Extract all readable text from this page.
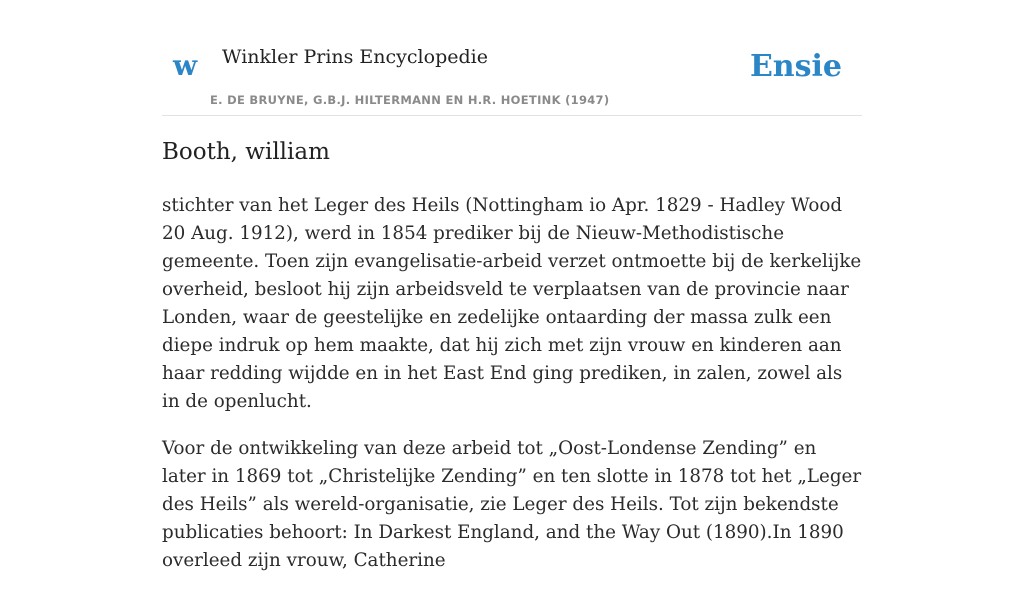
w Winkler Prins Encyclopedie
E. DE BRUYNE, G.B.J. HILTERMANN EN H.R. HOETINK (1947)
Ensie
Booth, william

stichter van het Leger des Heils (Nottingham io Apr. 1829 - Hadley Wood 20 Aug. 1912), werd in 1854 prediker bij de Nieuw-Methodistische gemeente. Toen zijn evangelisatie-arbeid verzet ontmoette bij de kerkelijke overheid, besloot hij zijn arbeidsveld te verplaatsen van de provincie naar Londen, waar de geestelijke en zedelijke ontaarding der massa zulk een diepe indruk op hem maakte, dat hij zich met zijn vrouw en kinderen aan haar redding wijdde en in het East End ging prediken, in zalen, zowel als in de openlucht.

Voor de ontwikkeling van deze arbeid tot „Oost-Londense Zending” en later in 1869 tot „Christelijke Zending” en ten slotte in 1878 tot het „Leger des Heils” als wereld-organisatie, zie Leger des Heils. Tot zijn bekendste publicaties behoort: In Darkest England, and the Way Out (1890).In 1890 overleed zijn vrouw, Catherine
